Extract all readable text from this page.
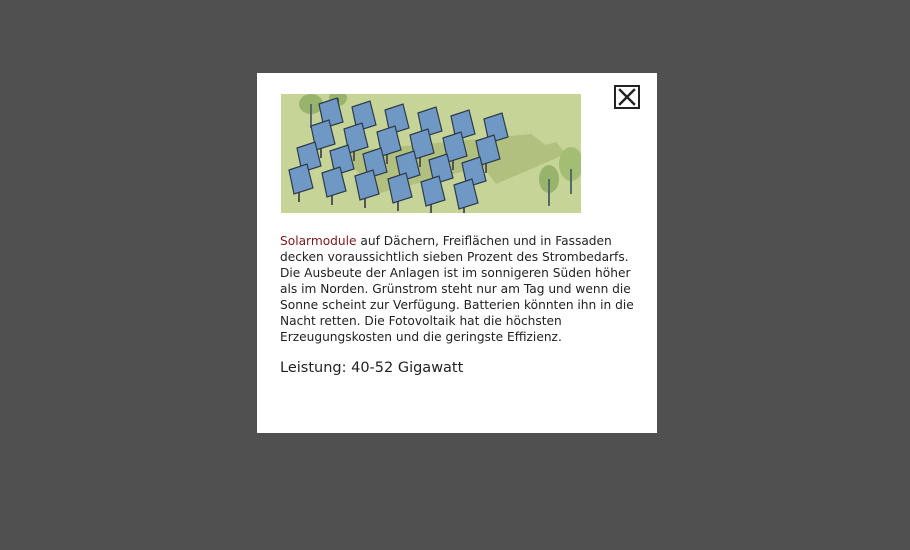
Solarmodule auf Dächern, Freiflächen und in Fassaden decken voraussichtlich sieben Prozent des Strombedarfs. Die Ausbeute der Anlagen ist im sonnigeren Süden höher als im Norden. Grünstrom steht nur am Tag und wenn die Sonne scheint zur Verfügung. Batterien könnten ihn in die Nacht retten. Die Fotovoltaik hat die höchsten Erzeugungskosten und die geringste Effizienz.

Leistung: 40-52 Gigawatt
